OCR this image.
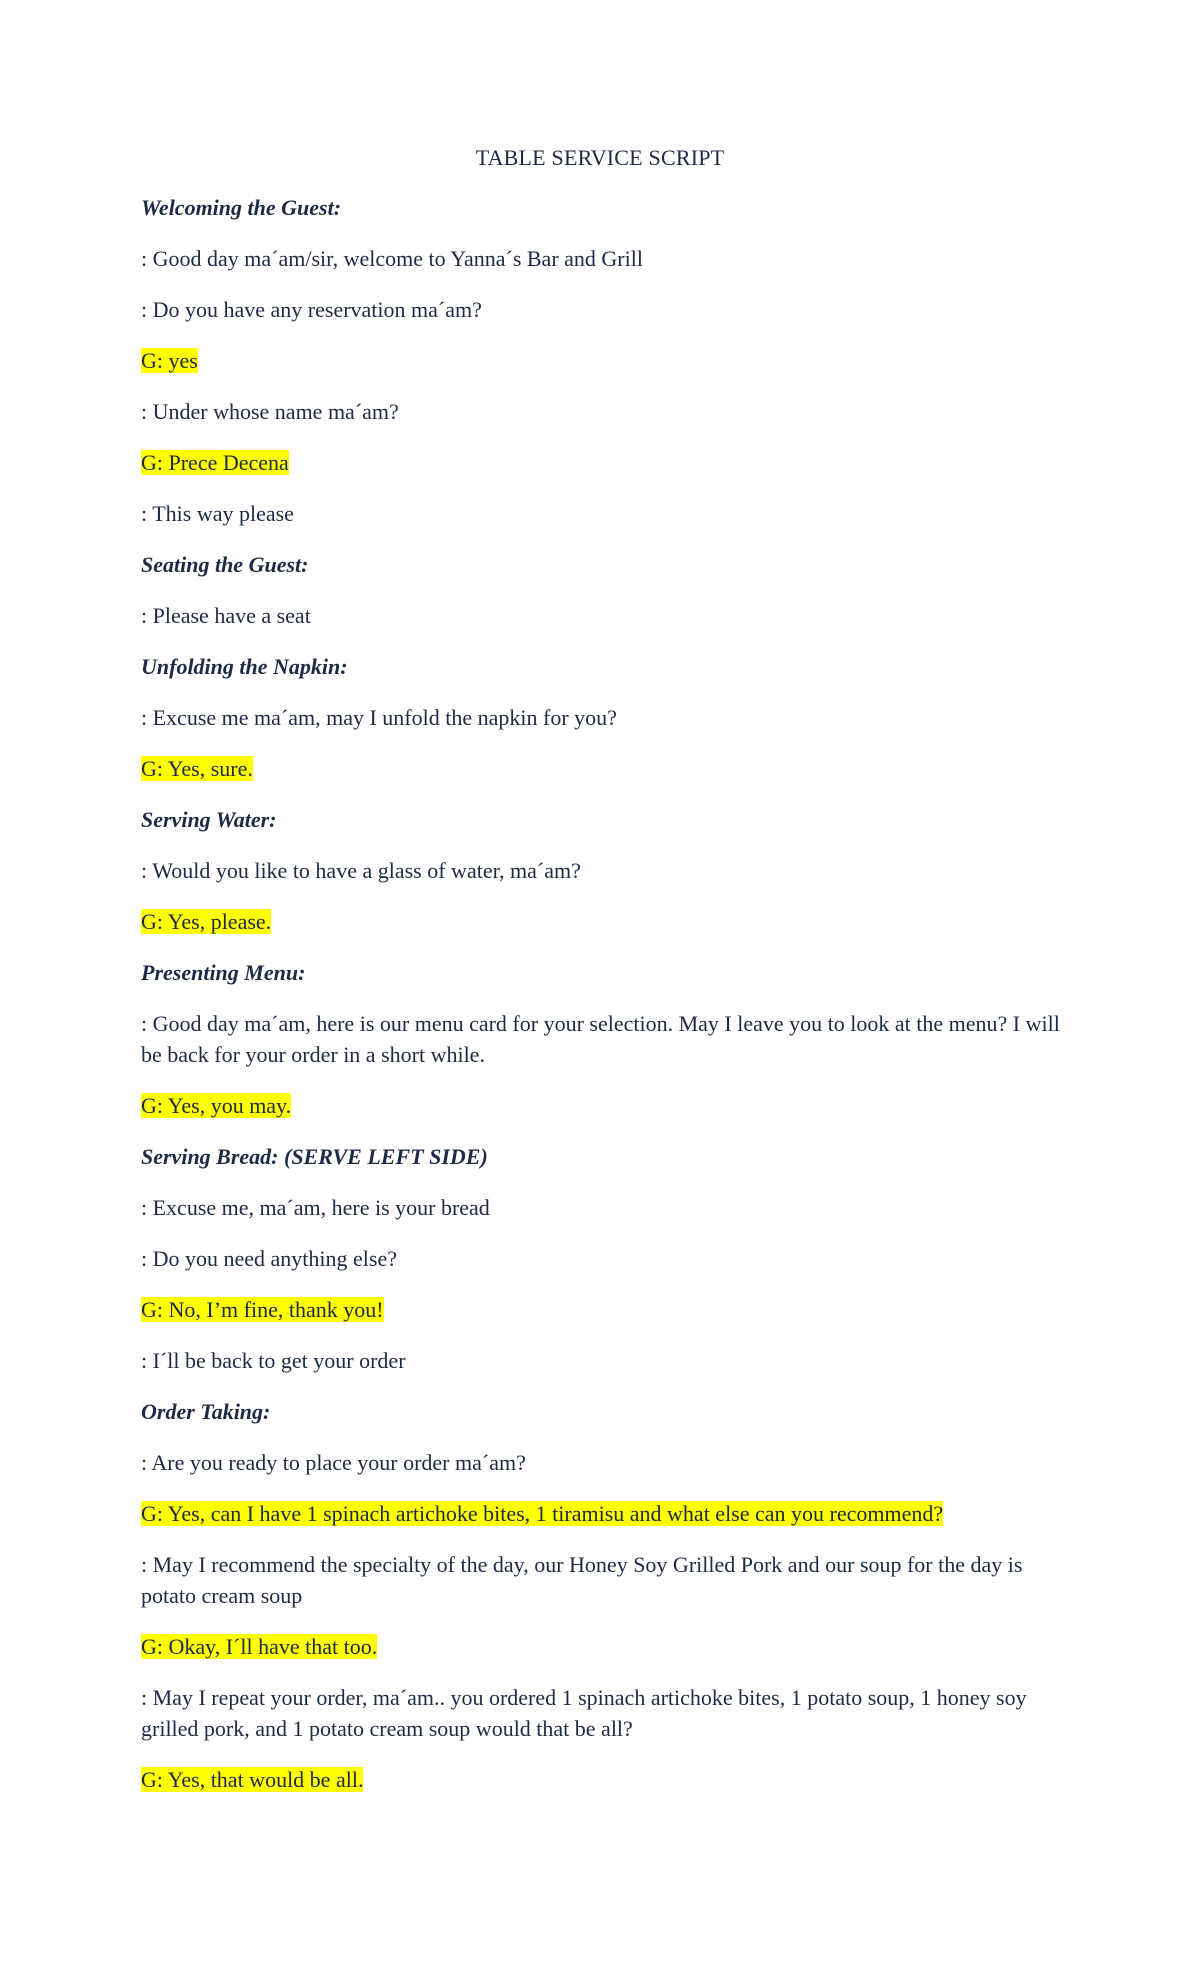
TABLE SERVICE SCRIPT

Welcoming the Guest:

: Good day ma´am/sir, welcome to Yanna´s Bar and Grill

: Do you have any reservation ma´am?

G: yes

: Under whose name ma´am?

G: Prece Decena

: This way please

Seating the Guest:

: Please have a seat

Unfolding the Napkin:

: Excuse me ma´am, may I unfold the napkin for you?

G: Yes, sure.

Serving Water:

: Would you like to have a glass of water, ma´am?

G: Yes, please.

Presenting Menu:

: Good day ma´am, here is our menu card for your selection. May I leave you to look at the menu? I will be back for your order in a short while.

G: Yes, you may.

Serving Bread: (SERVE LEFT SIDE)

: Excuse me, ma´am, here is your bread

: Do you need anything else?

G: No, I’m fine, thank you!

: I´ll be back to get your order

Order Taking:

: Are you ready to place your order ma´am?

G: Yes, can I have 1 spinach artichoke bites, 1 tiramisu and what else can you recommend?

: May I recommend the specialty of the day, our Honey Soy Grilled Pork and our soup for the day is potato cream soup

G: Okay, I´ll have that too.

: May I repeat your order, ma´am.. you ordered 1 spinach artichoke bites, 1 potato soup, 1 honey soy grilled pork, and 1 potato cream soup would that be all?

G: Yes, that would be all.
